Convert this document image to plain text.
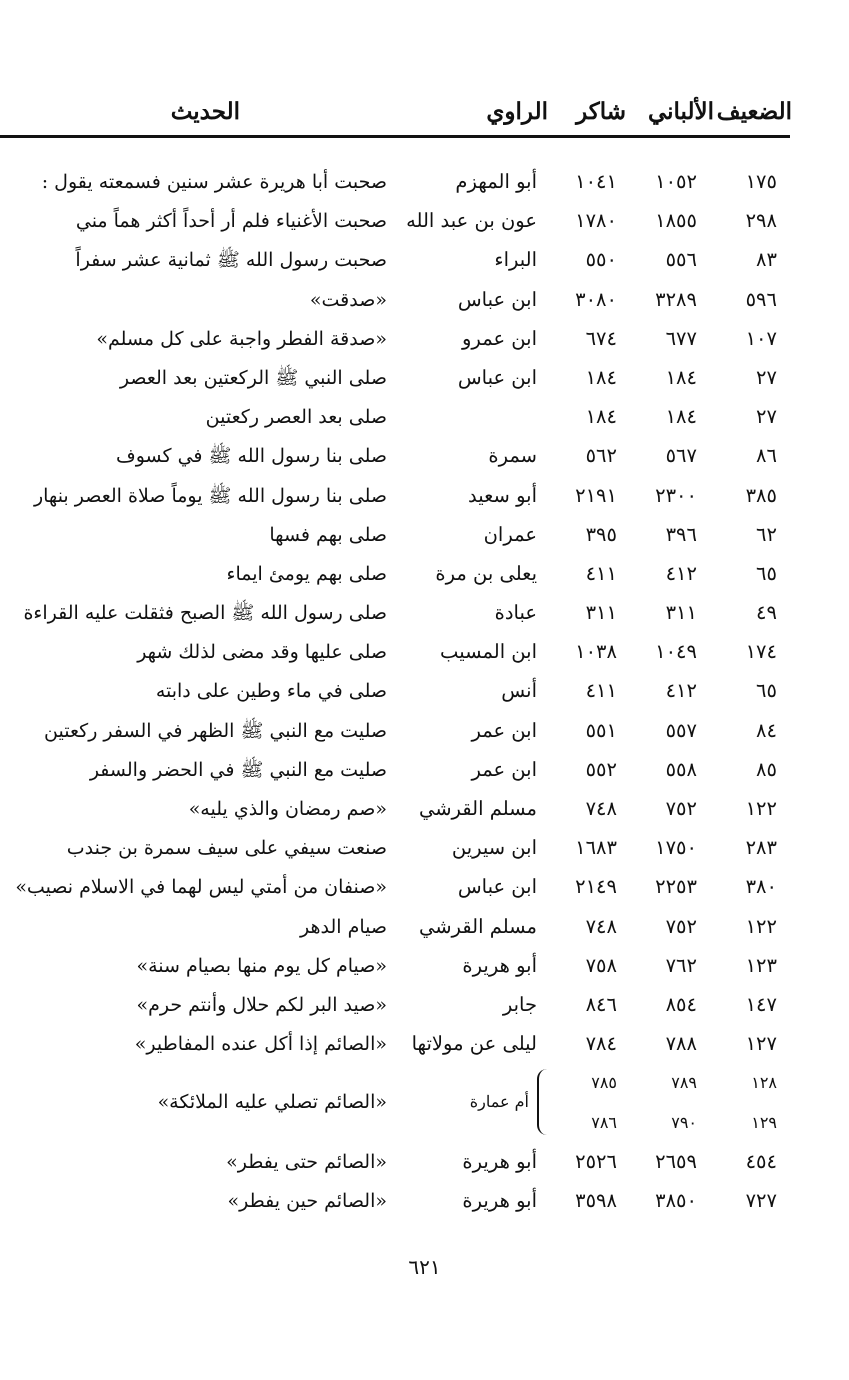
الضعيف
الألباني
شاكر
الراوي
الحديث
١٧٥
١٠٥٢
١٠٤١
أبو المهزم
صحبت أبا هريرة عشر سنين فسمعته يقول :
٢٩٨
١٨٥٥
١٧٨٠
عون بن عبد الله
صحبت الأغنياء فلم أر أحداً أكثر هماً مني
٨٣
٥٥٦
٥٥٠
البراء
صحبت رسول الله ﷺ ثمانية عشر سفراً
٥٩٦
٣٢٨٩
٣٠٨٠
ابن عباس
«صدقت»
١٠٧
٦٧٧
٦٧٤
ابن عمرو
«صدقة الفطر واجبة على كل مسلم»
٢٧
١٨٤
١٨٤
ابن عباس
صلى النبي ﷺ الركعتين بعد العصر
٢٧
١٨٤
١٨٤
صلى بعد العصر ركعتين
٨٦
٥٦٧
٥٦٢
سمرة
صلى بنا رسول الله ﷺ في كسوف
٣٨٥
٢٣٠٠
٢١٩١
أبو سعيد
صلى بنا رسول الله ﷺ يوماً صلاة العصر بنهار
٦٢
٣٩٦
٣٩٥
عمران
صلى بهم فسها
٦٥
٤١٢
٤١١
يعلى بن مرة
صلى بهم يومئ ايماء
٤٩
٣١١
٣١١
عبادة
صلى رسول الله ﷺ الصبح فثقلت عليه القراءة
١٧٤
١٠٤٩
١٠٣٨
ابن المسيب
صلى عليها وقد مضى لذلك شهر
٦٥
٤١٢
٤١١
أنس
صلى في ماء وطين على دابته
٨٤
٥٥٧
٥٥١
ابن عمر
صليت مع النبي ﷺ الظهر في السفر ركعتين
٨٥
٥٥٨
٥٥٢
ابن عمر
صليت مع النبي ﷺ في الحضر والسفر
١٢٢
٧٥٢
٧٤٨
مسلم القرشي
«صم رمضان والذي يليه»
٢٨٣
١٧٥٠
١٦٨٣
ابن سيرين
صنعت سيفي على سيف سمرة بن جندب
٣٨٠
٢٢٥٣
٢١٤٩
ابن عباس
«صنفان من أمتي ليس لهما في الاسلام نصيب»
١٢٢
٧٥٢
٧٤٨
مسلم القرشي
صيام الدهر
١٢٣
٧٦٢
٧٥٨
أبو هريرة
«صيام كل يوم منها بصيام سنة»
١٤٧
٨٥٤
٨٤٦
جابر
«صيد البر لكم حلال وأنتم حرم»
١٢٧
٧٨٨
٧٨٤
ليلى عن مولاتها
«الصائم إذا أكل عنده المفاطير»
١٢٨
٧٨٩
٧٨٥
١٢٩
٧٩٠
٧٨٦
أم عمارة
«الصائم تصلي عليه الملائكة»
٤٥٤
٢٦٥٩
٢٥٢٦
أبو هريرة
«الصائم حتى يفطر»
٧٢٧
٣٨٥٠
٣٥٩٨
أبو هريرة
«الصائم حين يفطر»
٦٢١
